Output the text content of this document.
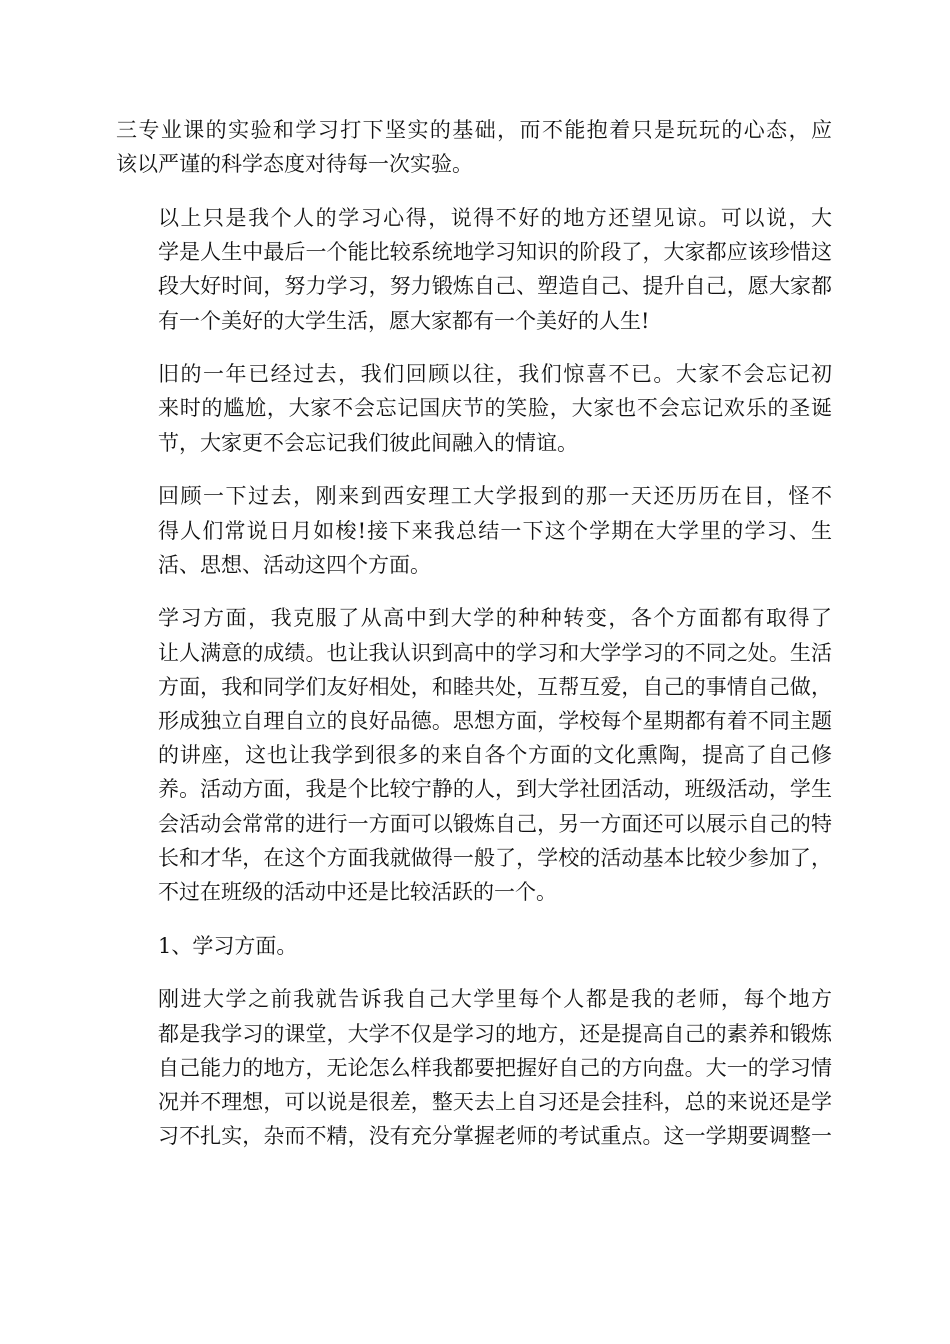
三专业课的实验和学习打下坚实的基础，而不能抱着只是玩玩的心态，应
该以严谨的科学态度对待每一次实验。
以上只是我个人的学习心得，说得不好的地方还望见谅。可以说，大
学是人生中最后一个能比较系统地学习知识的阶段了，大家都应该珍惜这
段大好时间，努力学习，努力锻炼自己、塑造自己、提升自己，愿大家都
有一个美好的大学生活，愿大家都有一个美好的人生!
旧的一年已经过去，我们回顾以往，我们惊喜不已。大家不会忘记初
来时的尴尬，大家不会忘记国庆节的笑脸，大家也不会忘记欢乐的圣诞
节，大家更不会忘记我们彼此间融入的情谊。
回顾一下过去，刚来到西安理工大学报到的那一天还历历在目，怪不
得人们常说日月如梭!接下来我总结一下这个学期在大学里的学习、生
活、思想、活动这四个方面。
学习方面，我克服了从高中到大学的种种转变，各个方面都有取得了
让人满意的成绩。也让我认识到高中的学习和大学学习的不同之处。生活
方面，我和同学们友好相处，和睦共处，互帮互爱，自己的事情自己做，
形成独立自理自立的良好品德。思想方面，学校每个星期都有着不同主题
的讲座，这也让我学到很多的来自各个方面的文化熏陶，提高了自己修
养。活动方面，我是个比较宁静的人，到大学社团活动，班级活动，学生
会活动会常常的进行一方面可以锻炼自己，另一方面还可以展示自己的特
长和才华，在这个方面我就做得一般了，学校的活动基本比较少参加了，
不过在班级的活动中还是比较活跃的一个。
1、学习方面。
刚进大学之前我就告诉我自己大学里每个人都是我的老师，每个地方
都是我学习的课堂，大学不仅是学习的地方，还是提高自己的素养和锻炼
自己能力的地方，无论怎么样我都要把握好自己的方向盘。大一的学习情
况并不理想，可以说是很差，整天去上自习还是会挂科，总的来说还是学
习不扎实，杂而不精，没有充分掌握老师的考试重点。这一学期要调整一
